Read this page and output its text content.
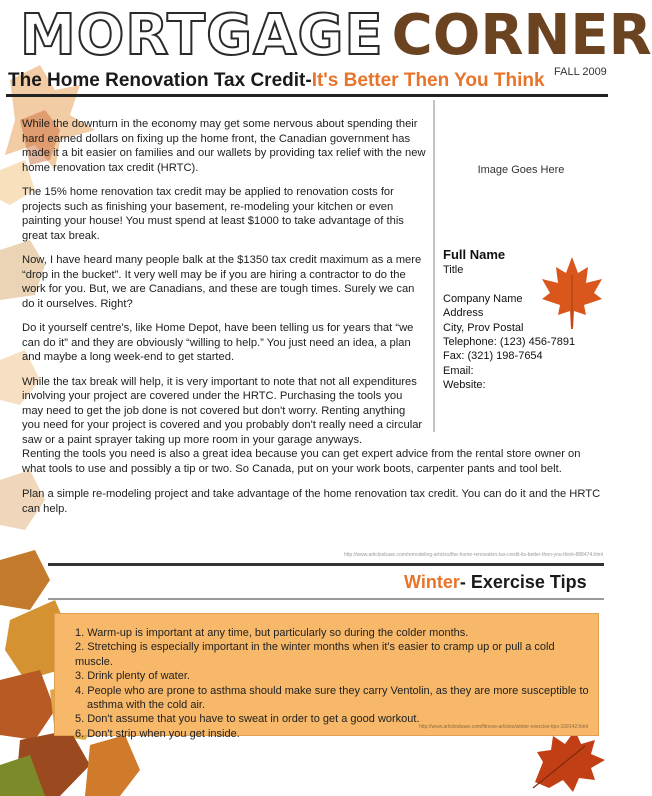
MORTGAGE CORNER
The Home Renovation Tax Credit-It's Better Then You Think FALL 2009

While the downturn in the economy may get some nervous about spending their hard earned dollars on fixing up the home front, the Canadian government has made it a bit easier on families and our wallets by providing tax relief with the new home renovation tax credit (HRTC).

The 15% home renovation tax credit may be applied to renovation costs for projects such as finishing your basement, re-modeling your kitchen or even painting your house! You must spend at least $1000 to take advantage of this great tax break.

Now, I have heard many people balk at the $1350 tax credit maximum as a mere “drop in the bucket”. It very well may be if you are hiring a contractor to do the work for you. But, we are Canadians, and these are tough times. Surely we can do it ourselves. Right?

Do it yourself centre's, like Home Depot, have been telling us for years that “we can do it” and they are obviously “willing to help.” You just need an idea, a plan and maybe a long week-end to get started.

While the tax break will help, it is very important to note that not all expenditures involving your project are covered under the HRTC. Purchasing the tools you may need to get the job done is not covered but don't worry. Renting anything you need for your project is covered and you probably don't really need a circular saw or a paint sprayer taking up more room in your garage anyways.

Renting the tools you need is also a great idea because you can get expert advice from the rental store owner on what tools to use and possibly a tip or two. So Canada, put on your work boots, carpenter pants and tool belt.

Plan a simple re-modeling project and take advantage of the home renovation tax credit. You can do it and the HRTC can help.

http://www.articlesbase.com/remodeling-articles/the-home-renovation-tax-credit-its-better-then-you-think-888474.html
Image Goes Here
Full Name
Title
Company Name
Address
City, Prov Postal
Telephone: (123) 456-7891
Fax: (321) 198-7654
Email:
Website:
Winter- Exercise Tips
1. Warm-up is important at any time, but particularly so during the colder months.
2. Stretching is especially important in the winter months when it's easier to cramp up or pull a cold muscle.
3. Drink plenty of water.
4. People who are prone to asthma should make sure they carry Ventolin, as they are more susceptible to
asthma with the cold air.
5. Don't assume that you have to sweat in order to get a good workout.
6. Don't strip when you get inside.
http://www.articlesbase.com/fitness-articles/winter-exercise-tips-109142.html
